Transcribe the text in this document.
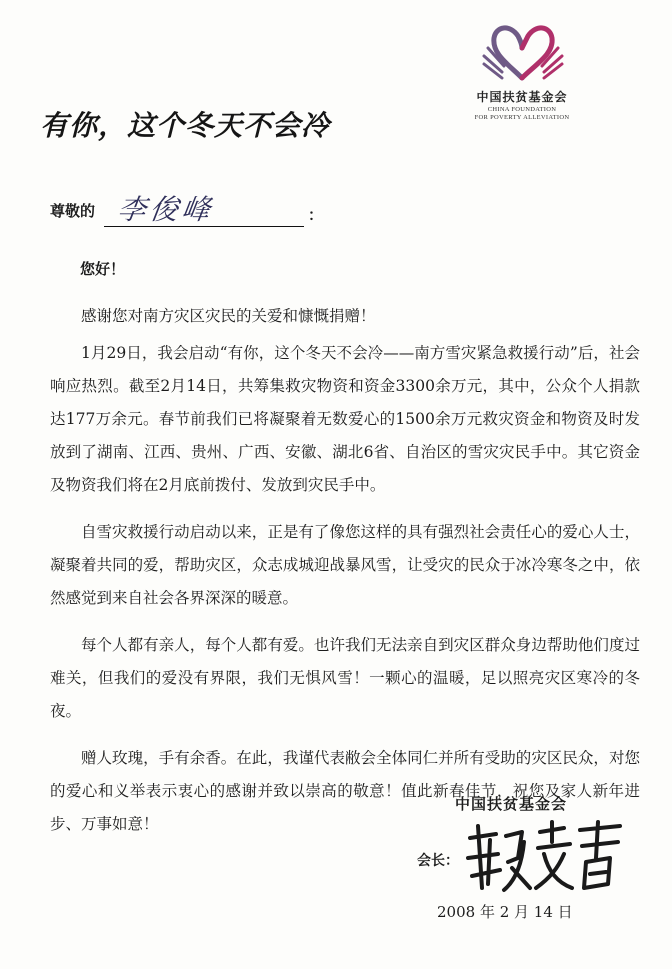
中国扶贫基金会
CHINA FOUNDATION
FOR POVERTY ALLEVIATION
有你，这个冬天不会冷
尊敬的 李俊峰	：
您好！

感谢您对南方灾区灾民的关爱和慷慨捐赠！

1月29日，我会启动“有你，这个冬天不会冷——南方雪灾紧急救援行动”后，社会响应热烈。截至2月14日，共筹集救灾物资和资金3300余万元，其中，公众个人捐款达177万余元。春节前我们已将凝聚着无数爱心的1500余万元救灾资金和物资及时发放到了湖南、江西、贵州、广西、安徽、湖北6省、自治区的雪灾灾民手中。其它资金及物资我们将在2月底前拨付、发放到灾民手中。

自雪灾救援行动启动以来，正是有了像您这样的具有强烈社会责任心的爱心人士，凝聚着共同的爱，帮助灾区，众志成城迎战暴风雪，让受灾的民众于冰冷寒冬之中，依然感觉到来自社会各界深深的暖意。

每个人都有亲人，每个人都有爱。也许我们无法亲自到灾区群众身边帮助他们度过难关，但我们的爱没有界限，我们无惧风雪！一颗心的温暖，足以照亮灾区寒冷的冬夜。

赠人玫瑰，手有余香。在此，我谨代表敝会全体同仁并所有受助的灾区民众，对您的爱心和义举表示衷心的感谢并致以崇高的敬意！值此新春佳节，祝您及家人新年进步、万事如意！

中国扶贫基金会
会长：
2008 年 2 月 14 日
